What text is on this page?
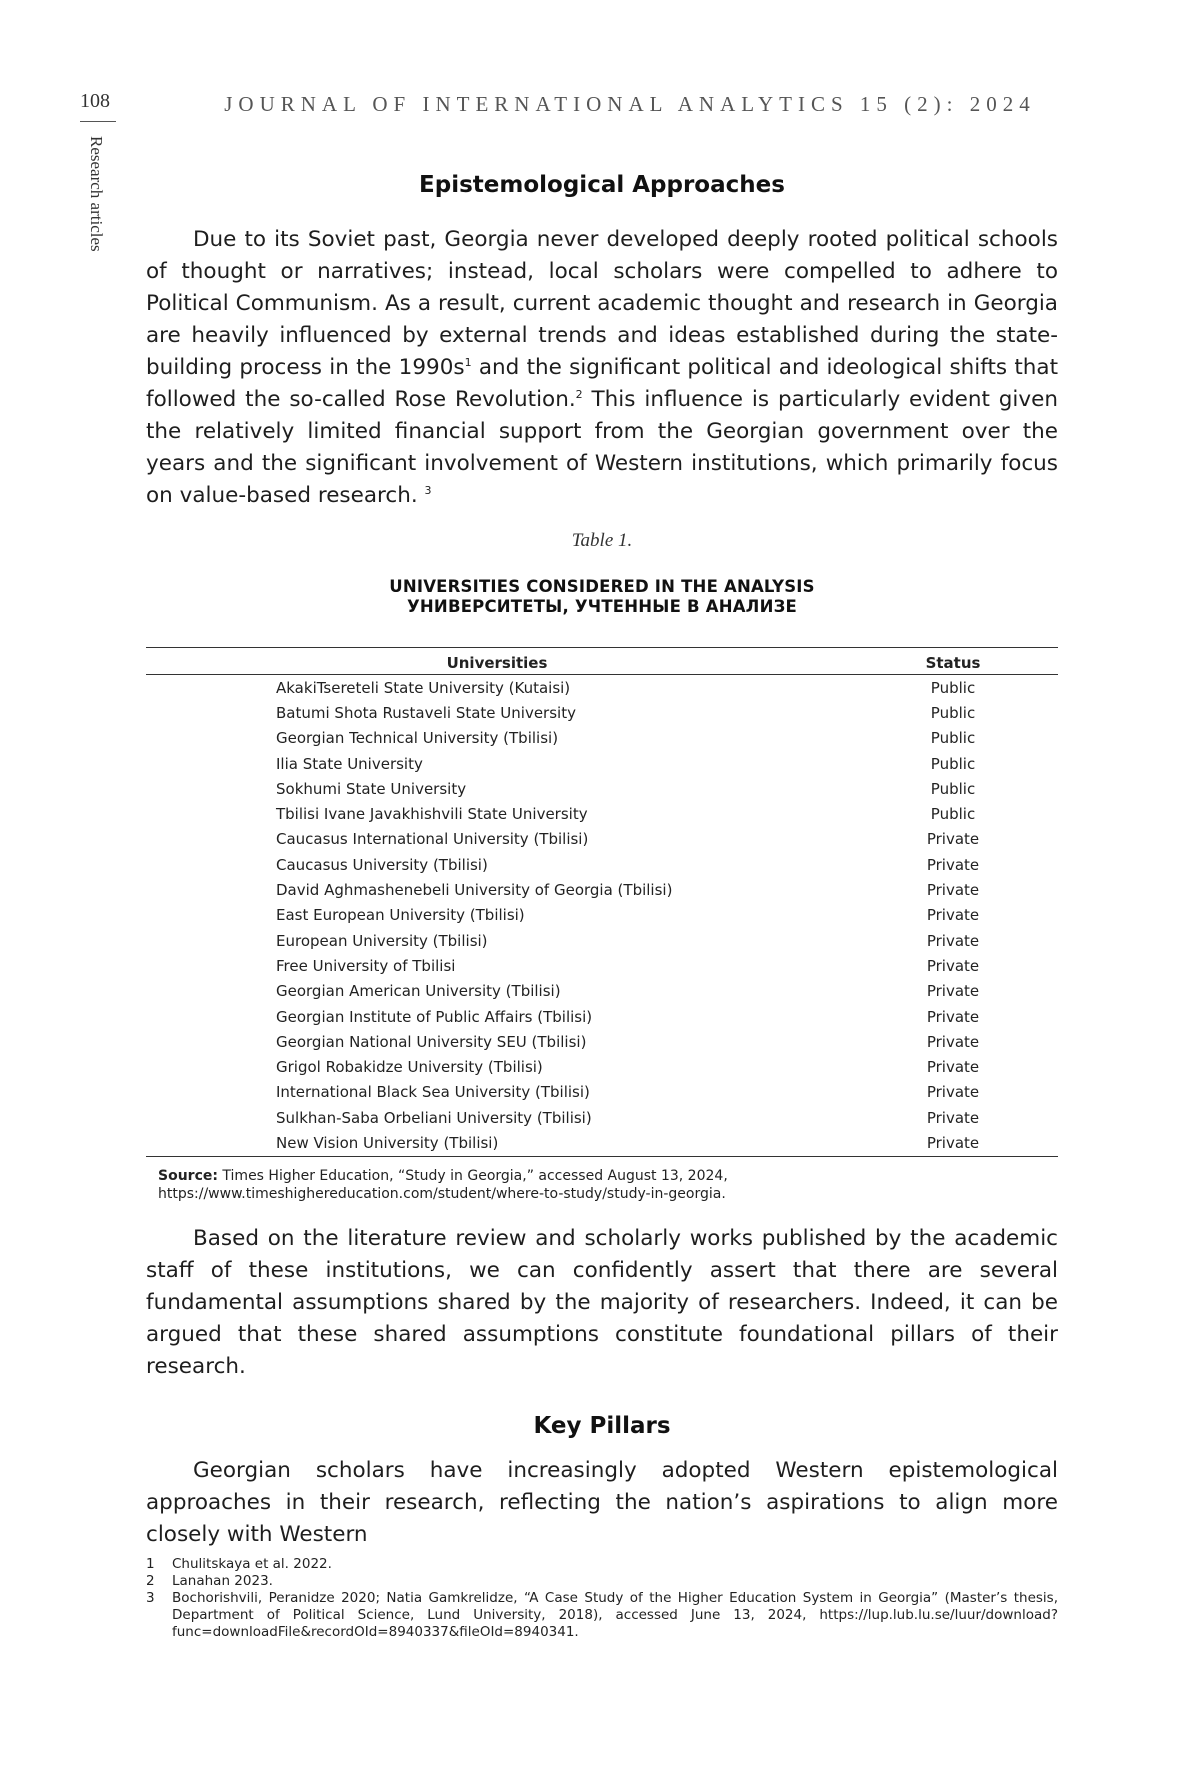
108
Research articles
JOURNAL OF INTERNATIONAL ANALYTICS 15 (2): 2024
Epistemological Approaches

Due to its Soviet past, Georgia never developed deeply rooted political schools of thought or narratives; instead, local scholars were compelled to adhere to Political Communism. As a result, current academic thought and research in Georgia are heavily influenced by external trends and ideas established during the state-building process in the $1990s^1$ and the significant political and ideological shifts that followed the so-called Rose Revolution.$^2$ This influence is particularly evident given the relatively limited financial support from the Georgian government over the years and the significant involvement of Western institutions, which primarily focus on value-based research. $^3$

Table 1.
UNIVERSITIES CONSIDERED IN THE ANALYSIS
УНИВЕРСИТЕТЫ, УЧТЕННЫЕ В АНАЛИЗЕ
Universities	Status
AkakiTsereteli State University (Kutaisi)	Public
Batumi Shota Rustaveli State University	Public
Georgian Technical University (Tbilisi)	Public
Ilia State University	Public
Sokhumi State University	Public
Tbilisi Ivane Javakhishvili State University	Public
Caucasus International University (Tbilisi)	Private
Caucasus University (Tbilisi)	Private
David Aghmashenebeli University of Georgia (Tbilisi)	Private
East European University (Tbilisi)	Private
European University (Tbilisi)	Private
Free University of Tbilisi	Private
Georgian American University (Tbilisi)	Private
Georgian Institute of Public Affairs (Tbilisi)	Private
Georgian National University SEU (Tbilisi)	Private
Grigol Robakidze University (Tbilisi)	Private
International Black Sea University (Tbilisi)	Private
Sulkhan-Saba Orbeliani University (Tbilisi)	Private
New Vision University (Tbilisi)	Private
Source: Times Higher Education, “Study in Georgia,” accessed August 13, 2024, https://www.timeshighereducation.com/student/where-to-study/study-in-georgia.

Based on the literature review and scholarly works published by the academic staff of these institutions, we can confidently assert that there are several fundamental assumptions shared by the majority of researchers. Indeed, it can be argued that these shared assumptions constitute foundational pillars of their research.

Key Pillars

Georgian scholars have increasingly adopted Western epistemological approaches in their research, reflecting the nation’s aspirations to align more closely with Western

1	Chulitskaya et al. 2022.
2	Lanahan 2023.
3	Bochorishvili, Peranidze 2020; Natia Gamkrelidze, “A Case Study of the Higher Education System in Georgia” (Master’s thesis, Department of Political Science, Lund University, 2018), accessed June 13, 2024, https://lup.lub.lu.se/luur/download?func=downloadFile&recordOId=8940337&fileOId=8940341.
